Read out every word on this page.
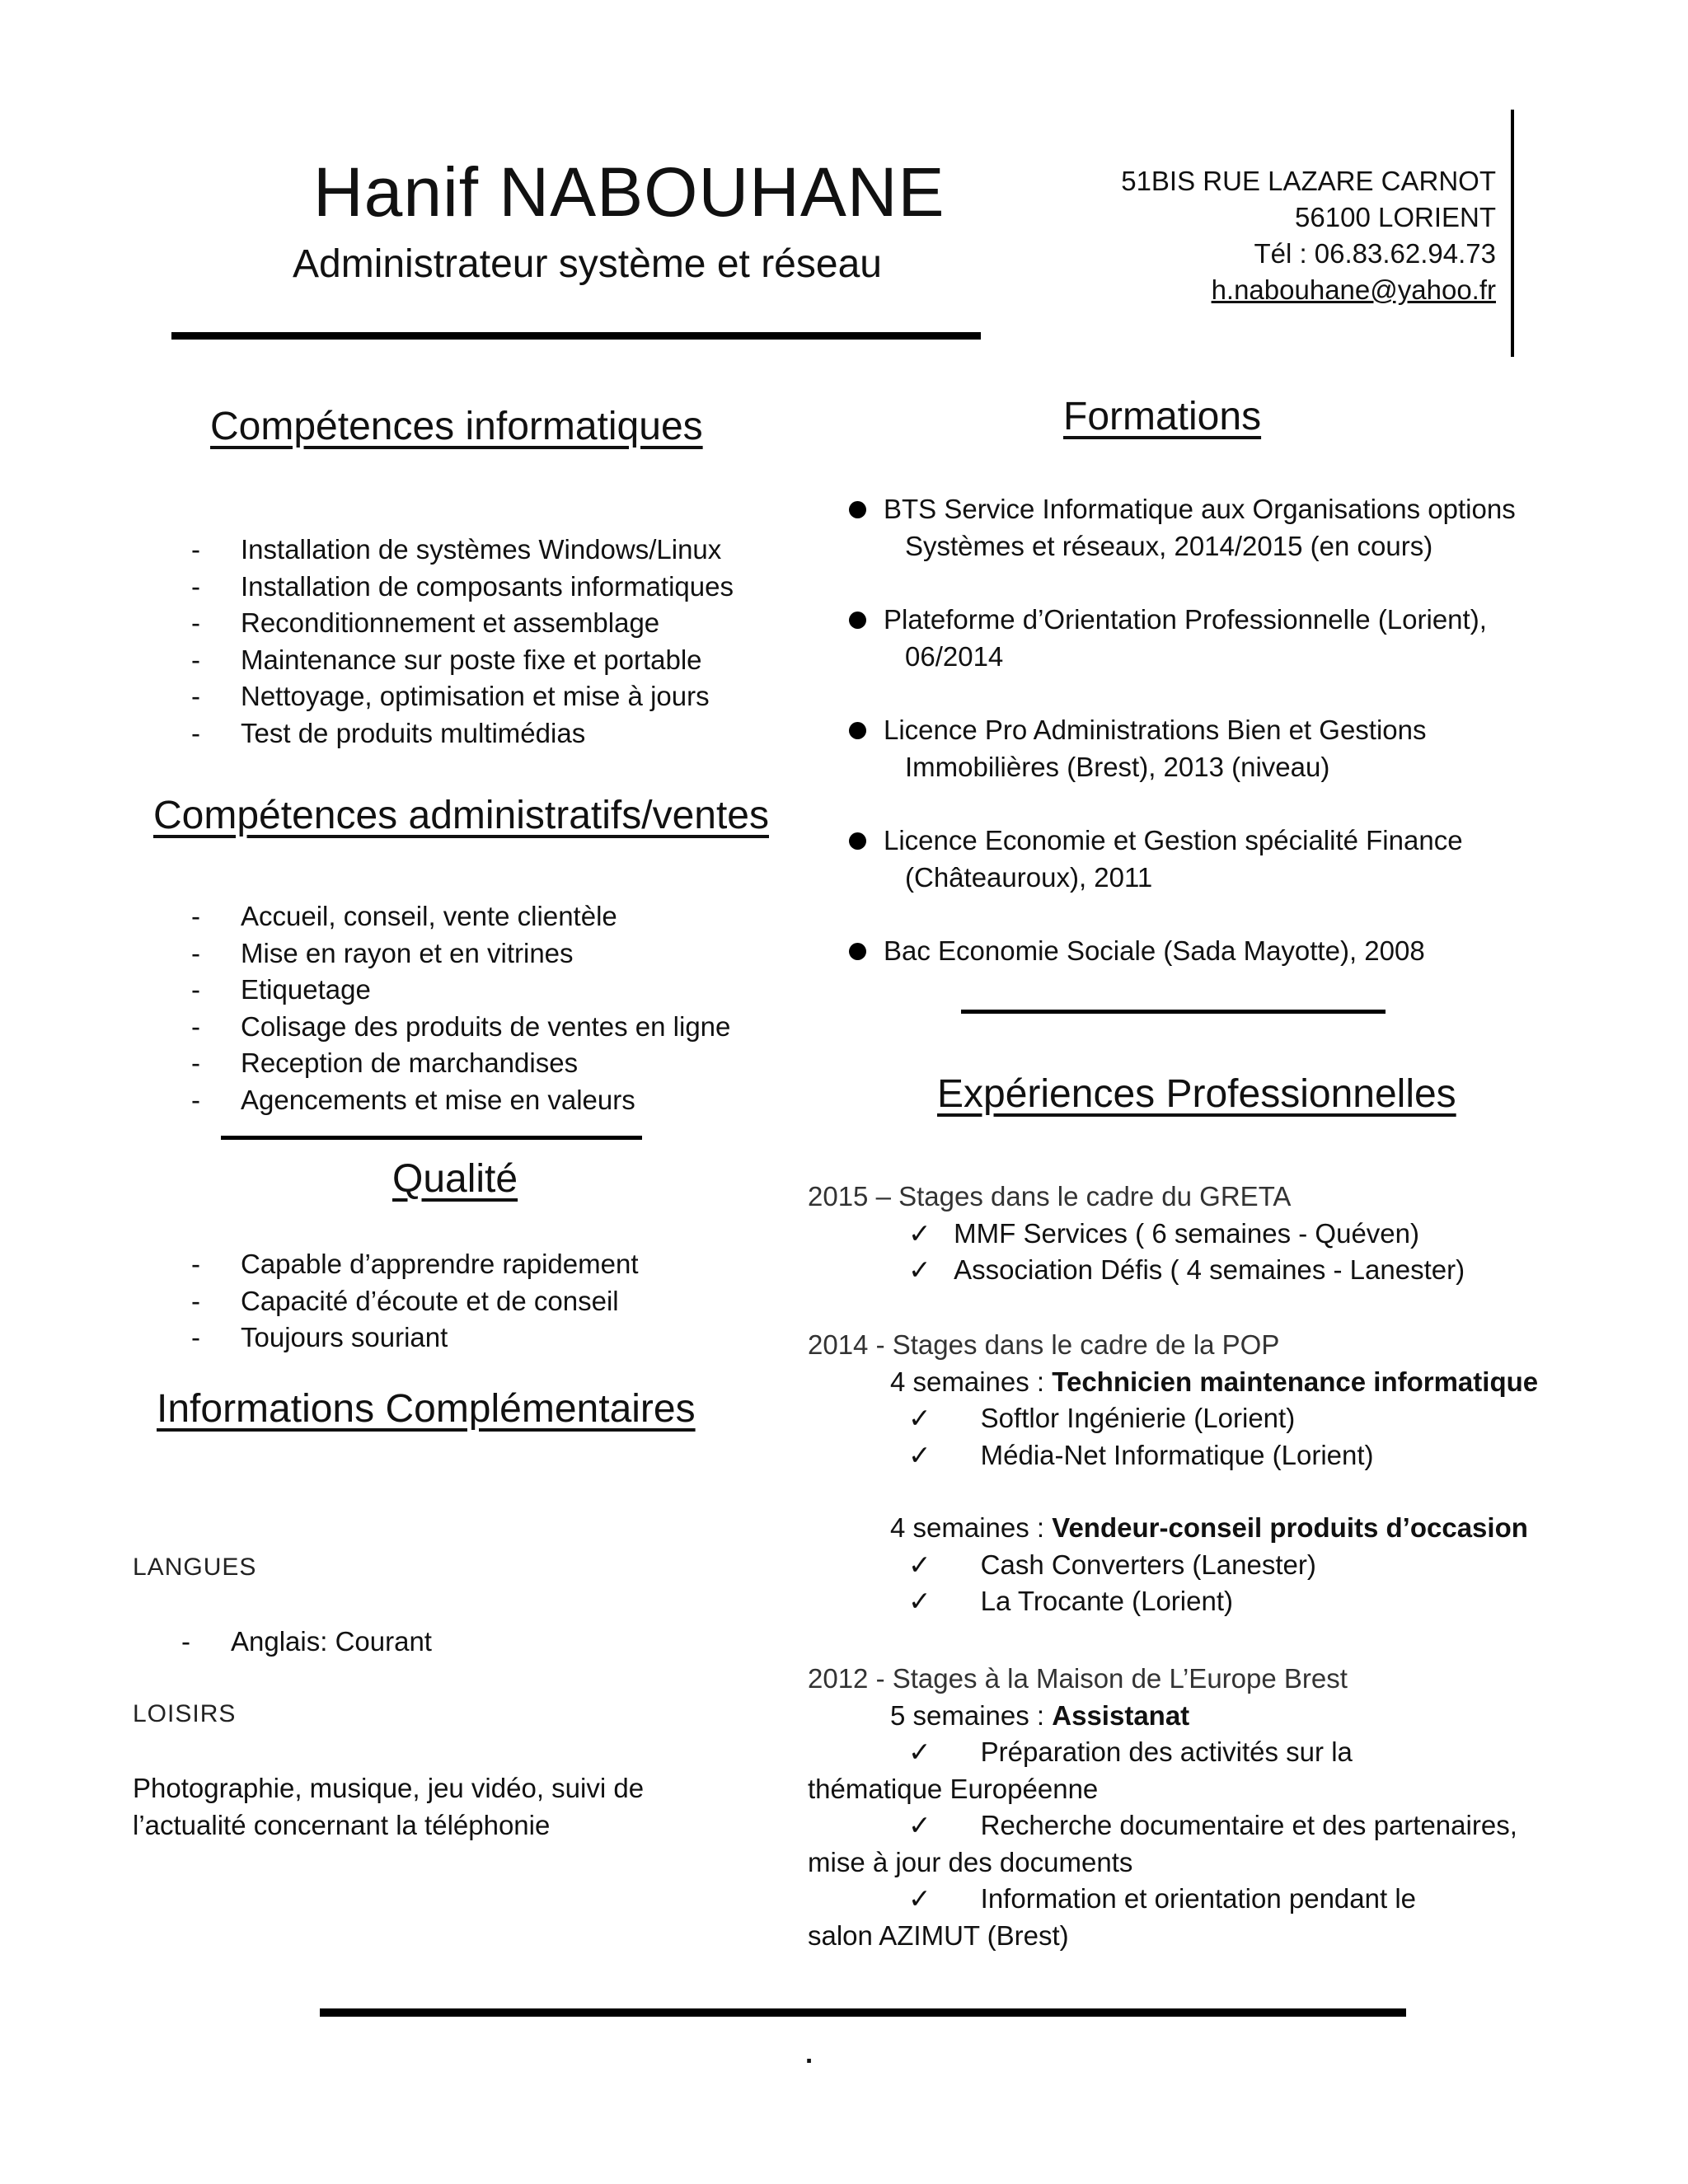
Hanif NABOUHANE
Administrateur système et réseau
51BIS RUE LAZARE CARNOT
56100 LORIENT
Tél : 06.83.62.94.73
h.nabouhane@yahoo.fr
Compétences informatiques
- Installation de systèmes Windows/Linux
- Installation de composants informatiques
- Reconditionnement et assemblage
- Maintenance sur poste fixe et portable
- Nettoyage, optimisation et mise à jours
- Test de produits multimédias
Compétences administratifs/ventes
- Accueil, conseil, vente clientèle
- Mise en rayon et en vitrines
- Etiquetage
- Colisage des produits de ventes en ligne
- Reception de marchandises
- Agencements et mise en valeurs
Qualité
- Capable d’apprendre rapidement
- Capacité d’écoute et de conseil
- Toujours souriant
Informations Complémentaires
LANGUES
- Anglais: Courant
LOISIRS
Photographie, musique, jeu vidéo, suivi de
l’actualité concernant la téléphonie
Formations
BTS Service Informatique aux Organisations options
Systèmes et réseaux, 2014/2015 (en cours)
Plateforme d’Orientation Professionnelle (Lorient),
06/2014
Licence Pro Administrations Bien et Gestions
Immobilières (Brest), 2013 (niveau)
Licence Economie et Gestion spécialité Finance
(Châteauroux), 2011
Bac Economie Sociale (Sada Mayotte), 2008
Expériences Professionnelles
2015 – Stages dans le cadre du GRETA
✓ MMF Services ( 6 semaines - Quéven)
✓ Association Défis ( 4 semaines - Lanester)
2014 - Stages dans le cadre de la POP
4 semaines : Technicien maintenance informatique
✓ Softlor Ingénierie (Lorient)
✓ Média-Net Informatique (Lorient)
4 semaines : Vendeur-conseil produits d’occasion
✓ Cash Converters (Lanester)
✓ La Trocante (Lorient)
2012 - Stages à la Maison de L’Europe Brest
5 semaines : Assistanat
✓ Préparation des activités sur la
thématique Européenne
✓ Recherche documentaire et des partenaires,
mise à jour des documents
✓ Information et orientation pendant le
salon AZIMUT (Brest)
.
